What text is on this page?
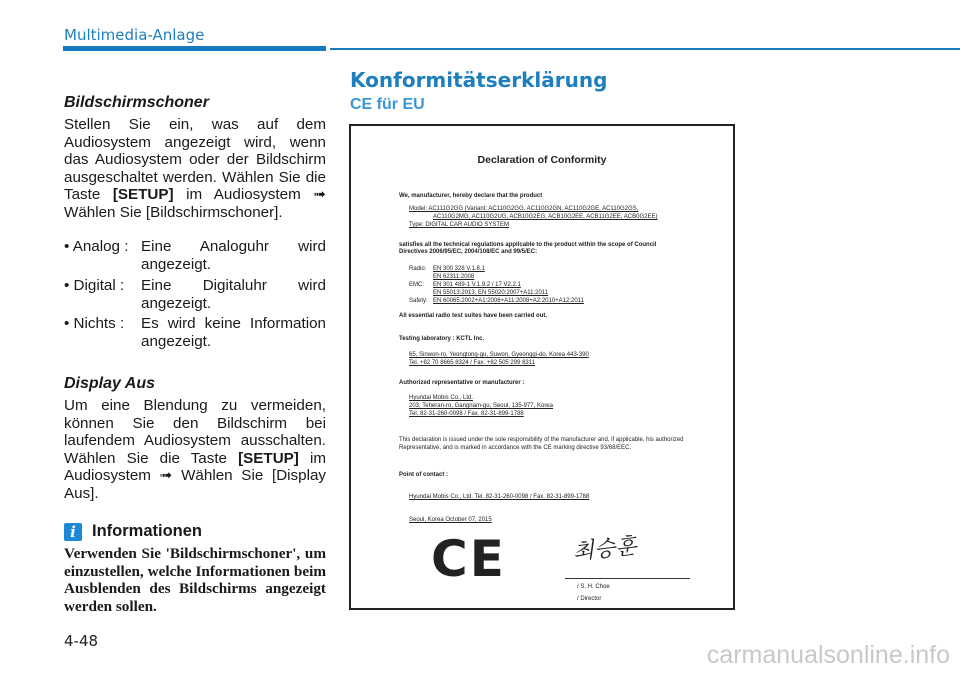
Multimedia-Anlage
Bildschirmschoner
Stellen Sie ein, was auf dem Audiosystem angezeigt wird, wenn das Audiosystem oder der Bildschirm ausgeschaltet werden. Wählen Sie die Taste [SETUP] im Audiosystem ➟ Wählen Sie [Bildschirmschoner].
• Analog : Eine Analoguhr wird angezeigt.
• Digital :	Eine Digitaluhr wird angezeigt.
• Nichts :	Es wird keine Information angezeigt.
Display Aus
Um eine Blendung zu vermeiden, können Sie den Bildschirm bei laufendem Audiosystem ausschalten. Wählen Sie die Taste [SETUP] im Audiosystem ➟ Wählen Sie [Display Aus].
i Informationen
Verwenden Sie 'Bildschirmschoner', um einzustellen, welche Informationen beim Ausblenden des Bildschirms angezeigt werden sollen.
Konformitätserklärung
CE für EU
Declaration of Conformity
We, manufacturer, hereby declare that the product
Model: AC111G2GG (Variant: AC110G2GG, AC110G2GN, AC110G2GE, AC110G2GS,
AC110G2MG, AC110G2UG, ACB10G2EG, ACB10G2EE, ACB11G2EE, ACB0G2EE)
Type: DIGITAL CAR AUDIO SYSTEM
satisfies all the technical regulations applicable to the product within the scope of Council
Directives 2006/95/EC, 2004/108/EC and 99/5/EC:
Radio: EN 300 328 V.1.8.1
EN 62311:2008
EMC: EN 301 489-1 V.1.9.2 / 17 V2.2.1
EN 55013:2013, EN 55020:2007+A11:2011
Safety: EN 60065:2002+A1:2006+A11:2008+A2:2010+A12:2011
All essential radio test suites have been carried out.
Testing laboratory : KCTL Inc.
65, Sinwon-ro, Yeongtong-gu, Suwon, Gyeonggi-do, Korea 443-390
Tel. +82 70 8665 8324 / Fax. +82 505 299 8311
Authorized representative or manufacturer :
Hyundai Mobis Co., Ltd.
203, Teheran-ro, Gangnam-gu, Seoul, 135-977, Korea
Tel. 82-31-260-0098 / Fax. 82-31-899-1788
This declaration is issued under the sole responsibility of the manufacturer and, if applicable, his authorized
Representative, and is marked in accordance with the CE marking directive 93/68/EEC.
Point of contact :
Hyundai Mobis Co., Ltd. Tel. 82-31-260-0098 / Fax. 82-31-899-1788
Seoul, Korea October 07, 2015
CE	최승훈
/ S. H. Choe
/ Director
4-48	carmanualsonline.info
